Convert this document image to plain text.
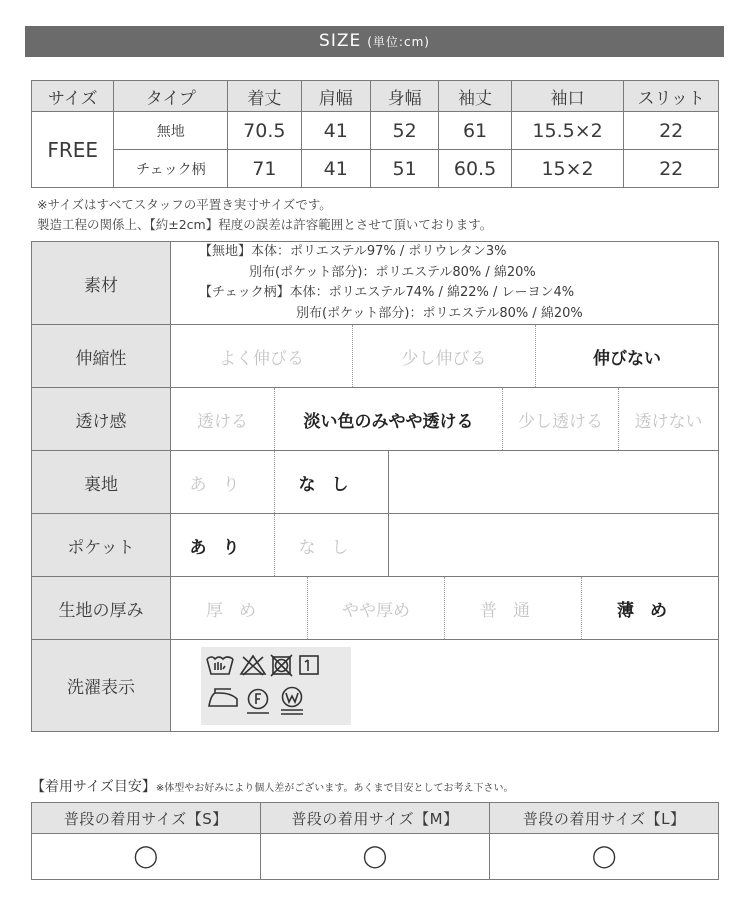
SIZE (単位:cm)
サイズ	タイプ	着丈	肩幅	身幅	袖丈	袖口	スリット
FREE	無地	70.5	41	52	61	15.5×2	22
	チェック柄	71	41	51	60.5	15×2	22
※サイズはすべてスタッフの平置き実寸サイズです。
製造工程の関係上、【約±2cm】程度の誤差は許容範囲とさせて頂いております。
素材	【無地】本体：ポリエステル97% / ポリウレタン3%
別布(ポケット部分)：ポリエステル80% / 綿20%
【チェック柄】本体：ポリエステル74% / 綿22% / レーヨン4%
別布(ポケット部分)：ポリエステル80% / 綿20%

伸縮性	よく伸びる 少し伸びる 伸びない

透け感	透ける 淡い色のみやや透ける 少し透ける 透けない

裏地	あり なし

ポケット	あり なし

生地の厚み	厚め やや厚め 普通 薄め

洗濯表示	
【着用サイズ目安】※体型やお好みにより個人差がございます。あくまで目安としてお考え下さい。
普段の着用サイズ【S】	普段の着用サイズ【M】	普段の着用サイズ【L】
◯	◯	◯
